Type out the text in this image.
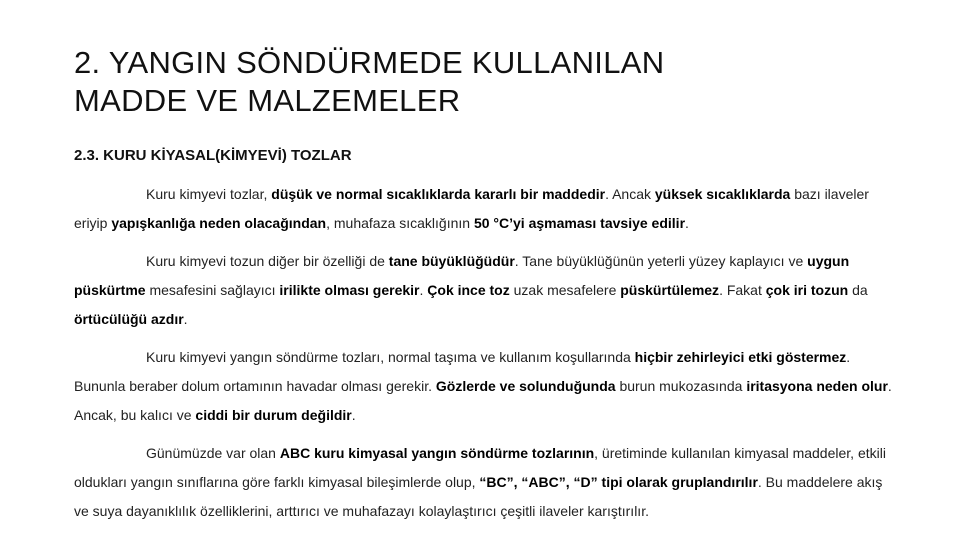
2. YANGIN SÖNDÜRMEDE KULLANILAN
MADDE VE MALZEMELER
2.3. KURU KİYASAL(KİMYEVİ) TOZLAR

Kuru kimyevi tozlar, düşük ve normal sıcaklıklarda kararlı bir maddedir. Ancak yüksek sıcaklıklarda bazı ilaveler eriyip yapışkanlığa neden olacağından, muhafaza sıcaklığının 50 °C’yi aşmaması tavsiye edilir.

Kuru kimyevi tozun diğer bir özelliği de tane büyüklüğüdür. Tane büyüklüğünün yeterli yüzey kaplayıcı ve uygun püskürtme mesafesini sağlayıcı irilikte olması gerekir. Çok ince toz uzak mesafelere püskürtülemez. Fakat çok iri tozun da örtücülüğü azdır.

Kuru kimyevi yangın söndürme tozları, normal taşıma ve kullanım koşullarında hiçbir zehirleyici etki göstermez. Bununla beraber dolum ortamının havadar olması gerekir. Gözlerde ve solunduğunda burun mukozasında iritasyona neden olur. Ancak, bu kalıcı ve ciddi bir durum değildir.

Günümüzde var olan ABC kuru kimyasal yangın söndürme tozlarının, üretiminde kullanılan kimyasal maddeler, etkili oldukları yangın sınıflarına göre farklı kimyasal bileşimlerde olup, “BC”, “ABC”, “D” tipi olarak gruplandırılır. Bu maddelere akış ve suya dayanıklılık özelliklerini, arttırıcı ve muhafazayı kolaylaştırıcı çeşitli ilaveler karıştırılır.
